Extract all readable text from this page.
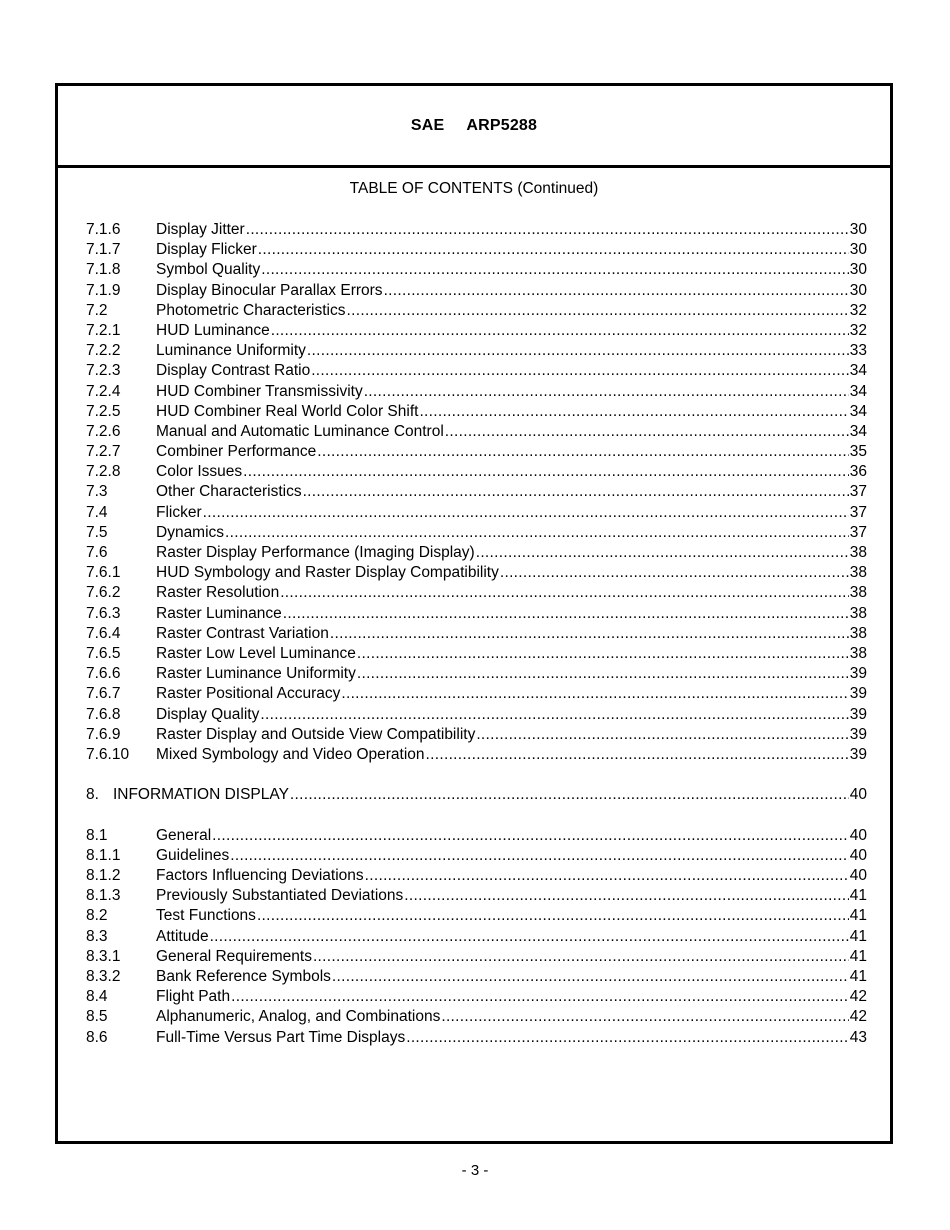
SAE ARP5288
TABLE OF CONTENTS (Continued)
7.1.6	Display Jitter .....	30
7.1.7	Display Flicker .....	30
7.1.8	Symbol Quality .....	30
7.1.9	Display Binocular Parallax Errors .....	30
7.2	Photometric Characteristics .....	32
7.2.1	HUD Luminance .....	32
7.2.2	Luminance Uniformity .....	33
7.2.3	Display Contrast Ratio .....	34
7.2.4	HUD Combiner Transmissivity .....	34
7.2.5	HUD Combiner Real World Color Shift .....	34
7.2.6	Manual and Automatic Luminance Control .....	34
7.2.7	Combiner Performance .....	35
7.2.8	Color Issues .....	36
7.3	Other Characteristics .....	37
7.4	Flicker .....	37
7.5	Dynamics .....	37
7.6	Raster Display Performance (Imaging Display) .....	38
7.6.1	HUD Symbology and Raster Display Compatibility .....	38
7.6.2	Raster Resolution .....	38
7.6.3	Raster Luminance .....	38
7.6.4	Raster Contrast Variation .....	38
7.6.5	Raster Low Level Luminance .....	38
7.6.6	Raster Luminance Uniformity .....	39
7.6.7	Raster Positional Accuracy .....	39
7.6.8	Display Quality .....	39
7.6.9	Raster Display and Outside View Compatibility .....	39
7.6.10	Mixed Symbology and Video Operation .....	39
8. INFORMATION DISPLAY .....	40
8.1	General .....	40
8.1.1	Guidelines .....	40
8.1.2	Factors Influencing Deviations .....	40
8.1.3	Previously Substantiated Deviations .....	41
8.2	Test Functions .....	41
8.3	Attitude .....	41
8.3.1	General Requirements .....	41
8.3.2	Bank Reference Symbols .....	41
8.4	Flight Path .....	42
8.5	Alphanumeric, Analog, and Combinations .....	42
8.6	Full-Time Versus Part Time Displays .....	43
- 3 -
